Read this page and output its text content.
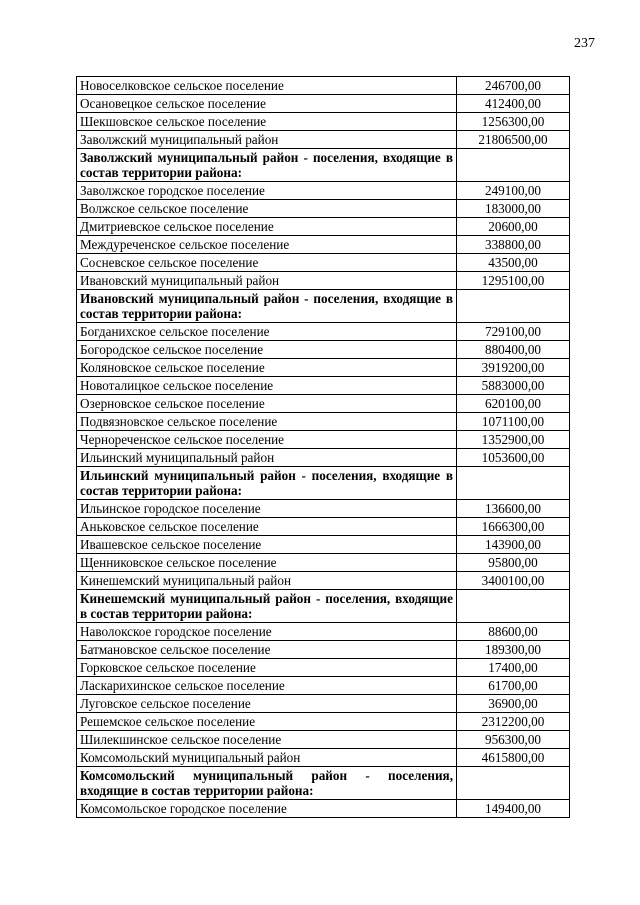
237
Новоселковское сельское поселение	246700,00
Осановецкое сельское поселение	412400,00
Шекшовское сельское поселение	1256300,00
Заволжский муниципальный район	21806500,00
Заволжский муниципальный район - поселения, входящие в состав территории района:	
Заволжское городское поселение	249100,00
Волжское сельское поселение	183000,00
Дмитриевское сельское поселение	20600,00
Междуреченское сельское поселение	338800,00
Сосневское сельское поселение	43500,00
Ивановский муниципальный район	1295100,00
Ивановский муниципальный район - поселения, входящие в состав территории района:	
Богданихское сельское поселение	729100,00
Богородское сельское поселение	880400,00
Коляновское сельское поселение	3919200,00
Новоталицкое сельское поселение	5883000,00
Озерновское сельское поселение	620100,00
Подвязновское сельское поселение	1071100,00
Чернореченское сельское поселение	1352900,00
Ильинский муниципальный район	1053600,00
Ильинский муниципальный район - поселения, входящие в состав территории района:	
Ильинское городское поселение	136600,00
Аньковское сельское поселение	1666300,00
Ивашевское сельское поселение	143900,00
Щенниковское сельское поселение	95800,00
Кинешемский муниципальный район	3400100,00
Кинешемский муниципальный район - поселения, входящие в состав территории района:	
Наволокское городское поселение	88600,00
Батмановское сельское поселение	189300,00
Горковское сельское поселение	17400,00
Ласкарихинское сельское поселение	61700,00
Луговское сельское поселение	36900,00
Решемское сельское поселение	2312200,00
Шилекшинское сельское поселение	956300,00
Комсомольский муниципальный район	4615800,00
Комсомольский муниципальный район - поселения, входящие в состав территории района:	
Комсомольское городское поселение	149400,00
